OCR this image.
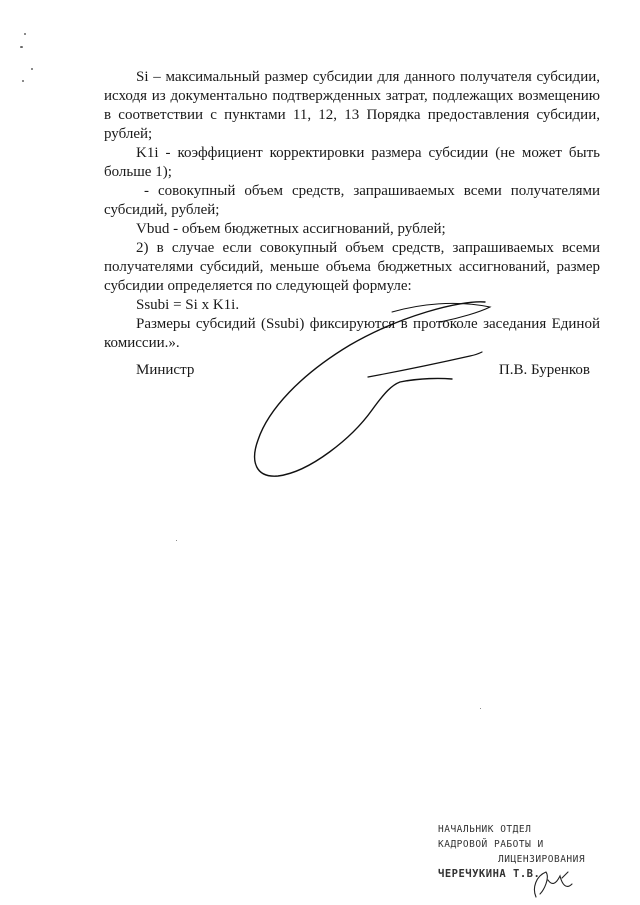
Si – максимальный размер субсидии для данного получателя субсидии, исходя из документально подтвержденных затрат, подлежащих возмещению в соответствии с пунктами 11, 12, 13 Порядка предоставления субсидии, рублей;

K1i - коэффициент корректировки размера субсидии (не может быть больше 1);

- совокупный объем средств, запрашиваемых всеми получателями субсидий, рублей;

Vbud - объем бюджетных ассигнований, рублей;

2) в случае если совокупный объем средств, запрашиваемых всеми получателями субсидий, меньше объема бюджетных ассигнований, размер субсидии определяется по следующей формуле:

Ssubi = Si x K1i.

Размеры субсидий (Ssubi) фиксируются в протоколе заседания Единой комиссии.».

Министр	П.В. Буренков
НАЧАЛЬНИК ОТДЕЛ
КАДРОВОЙ РАБОТЫ И
ЛИЦЕНЗИРОВАНИЯ
ЧЕРЕЧУКИНА Т.В.
